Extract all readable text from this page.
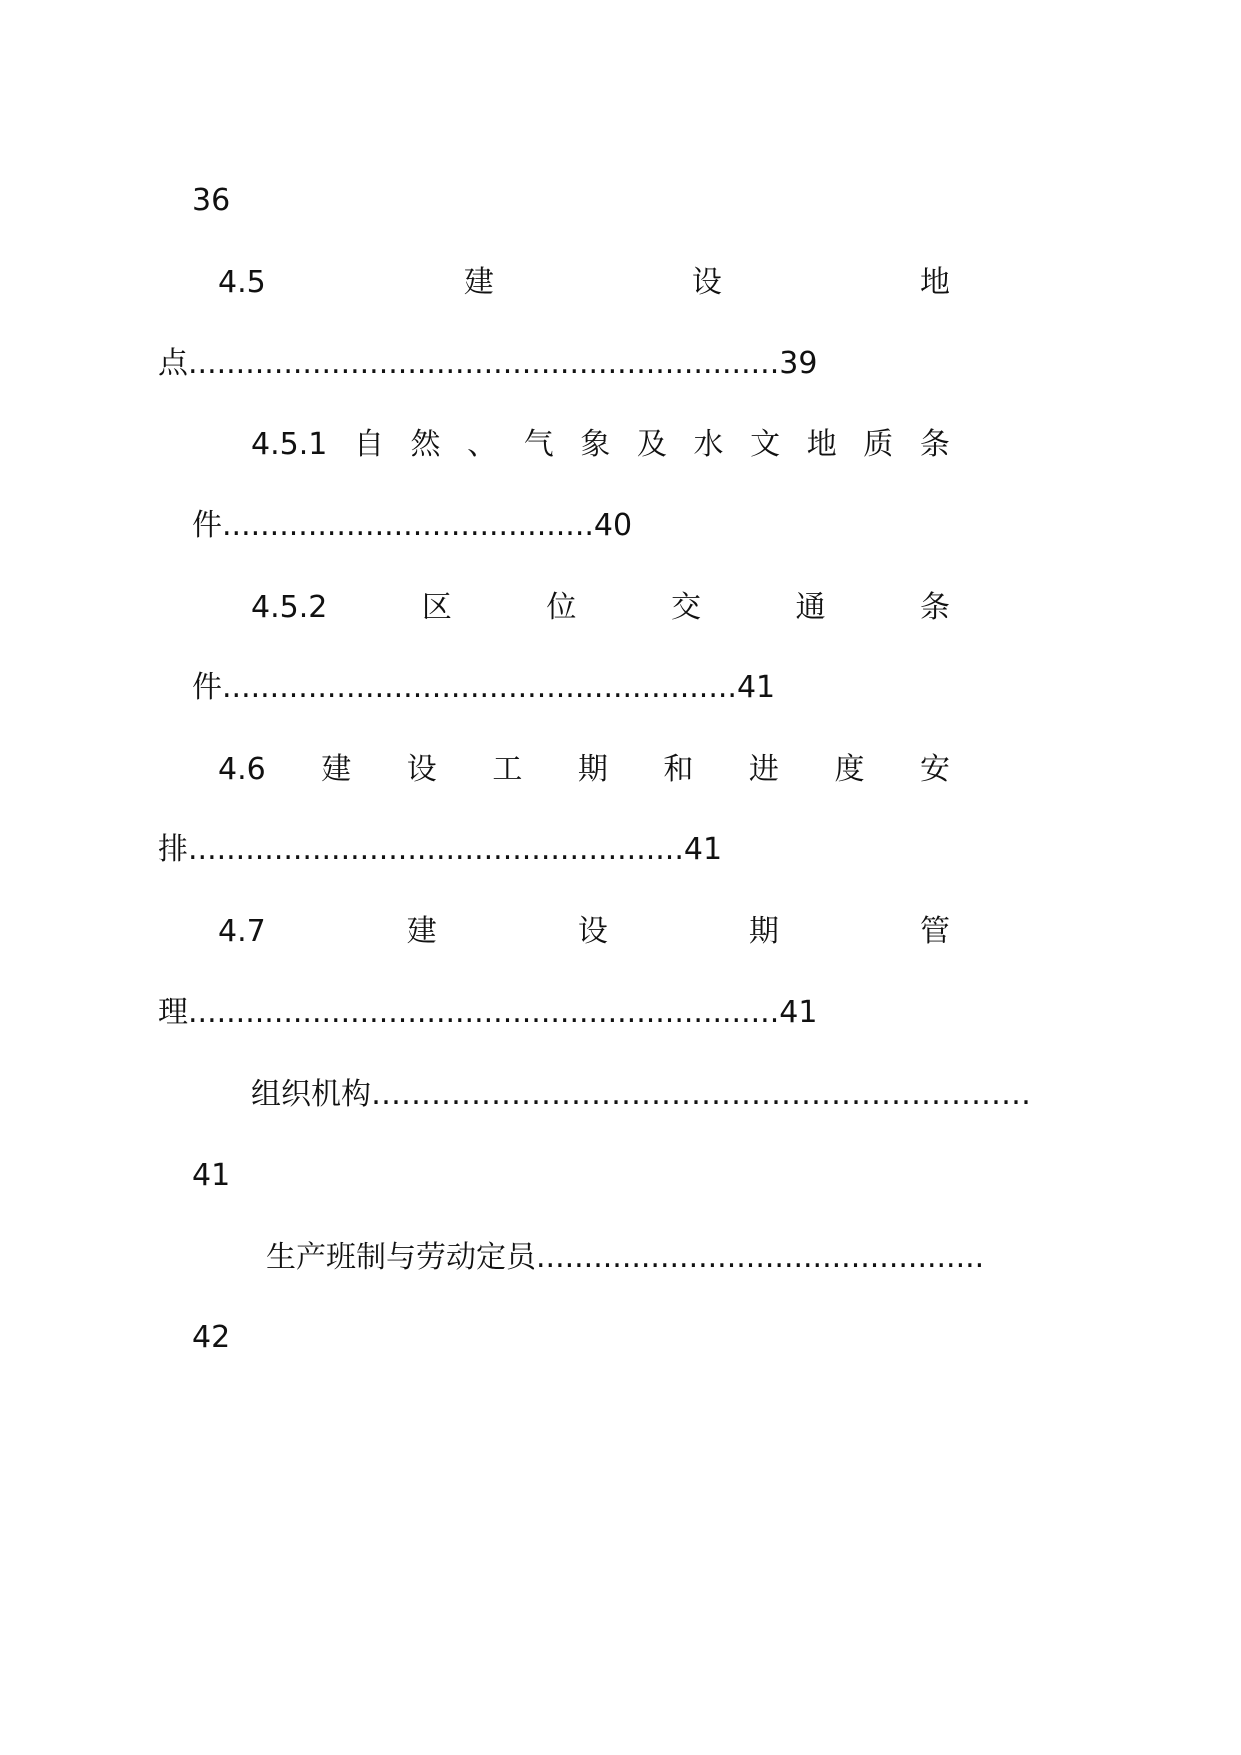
36
4.5	建	设	地
点..............................................................39
4.5.1 自 然 、 气 象 及 水 文 地 质 条
件.......................................40
4.5.2	区	位	交	通	条
件......................................................41
4.6 建 设 工 期 和 进 度 安
排....................................................41
4.7	建	设	期	管
理..............................................................41
组织机构…………………………………………………………
41
生产班制与劳动定员...............................................
42
